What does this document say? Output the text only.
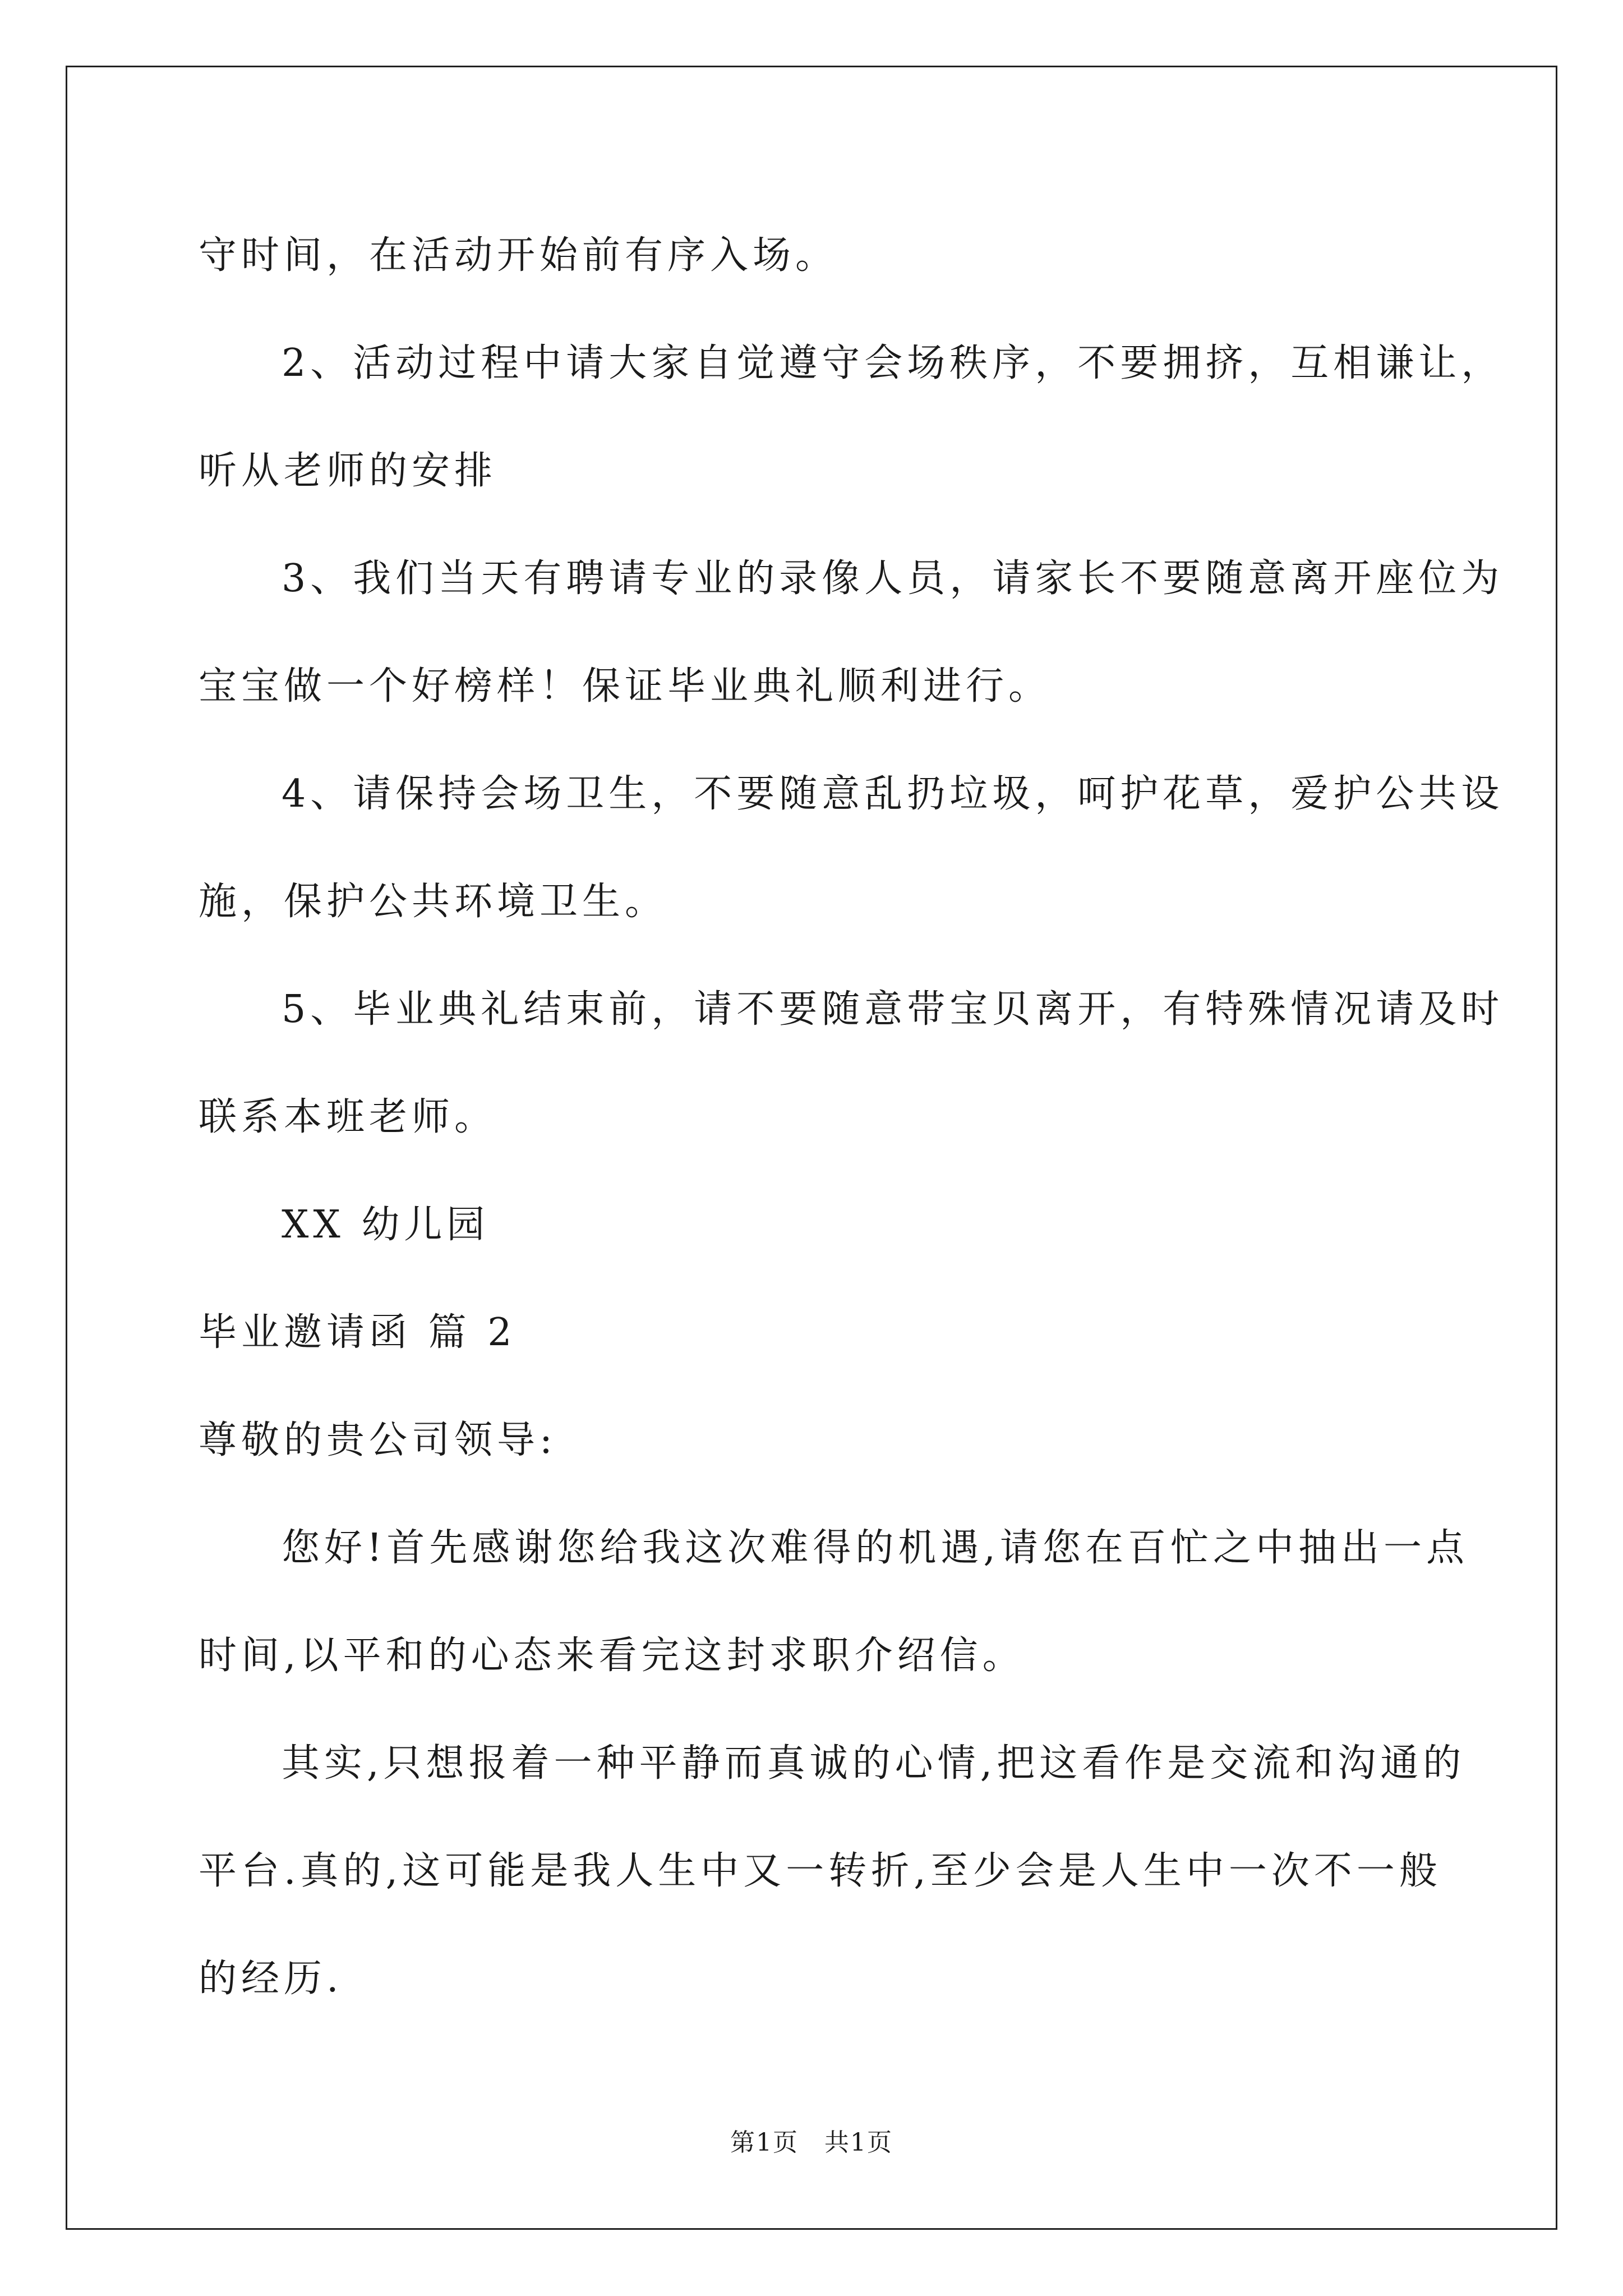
守时间，在活动开始前有序入场。
2、活动过程中请大家自觉遵守会场秩序，不要拥挤，互相谦让，
听从老师的安排
3、我们当天有聘请专业的录像人员，请家长不要随意离开座位为
宝宝做一个好榜样！保证毕业典礼顺利进行。
4、请保持会场卫生，不要随意乱扔垃圾，呵护花草，爱护公共设
施，保护公共环境卫生。
5、毕业典礼结束前，请不要随意带宝贝离开，有特殊情况请及时
联系本班老师。
XX 幼儿园
毕业邀请函 篇 2
尊敬的贵公司领导:
您好!首先感谢您给我这次难得的机遇,请您在百忙之中抽出一点
时间,以平和的心态来看完这封求职介绍信。
其实,只想报着一种平静而真诚的心情,把这看作是交流和沟通的
平台.真的,这可能是我人生中又一转折,至少会是人生中一次不一般
的经历.
第1页　共1页
